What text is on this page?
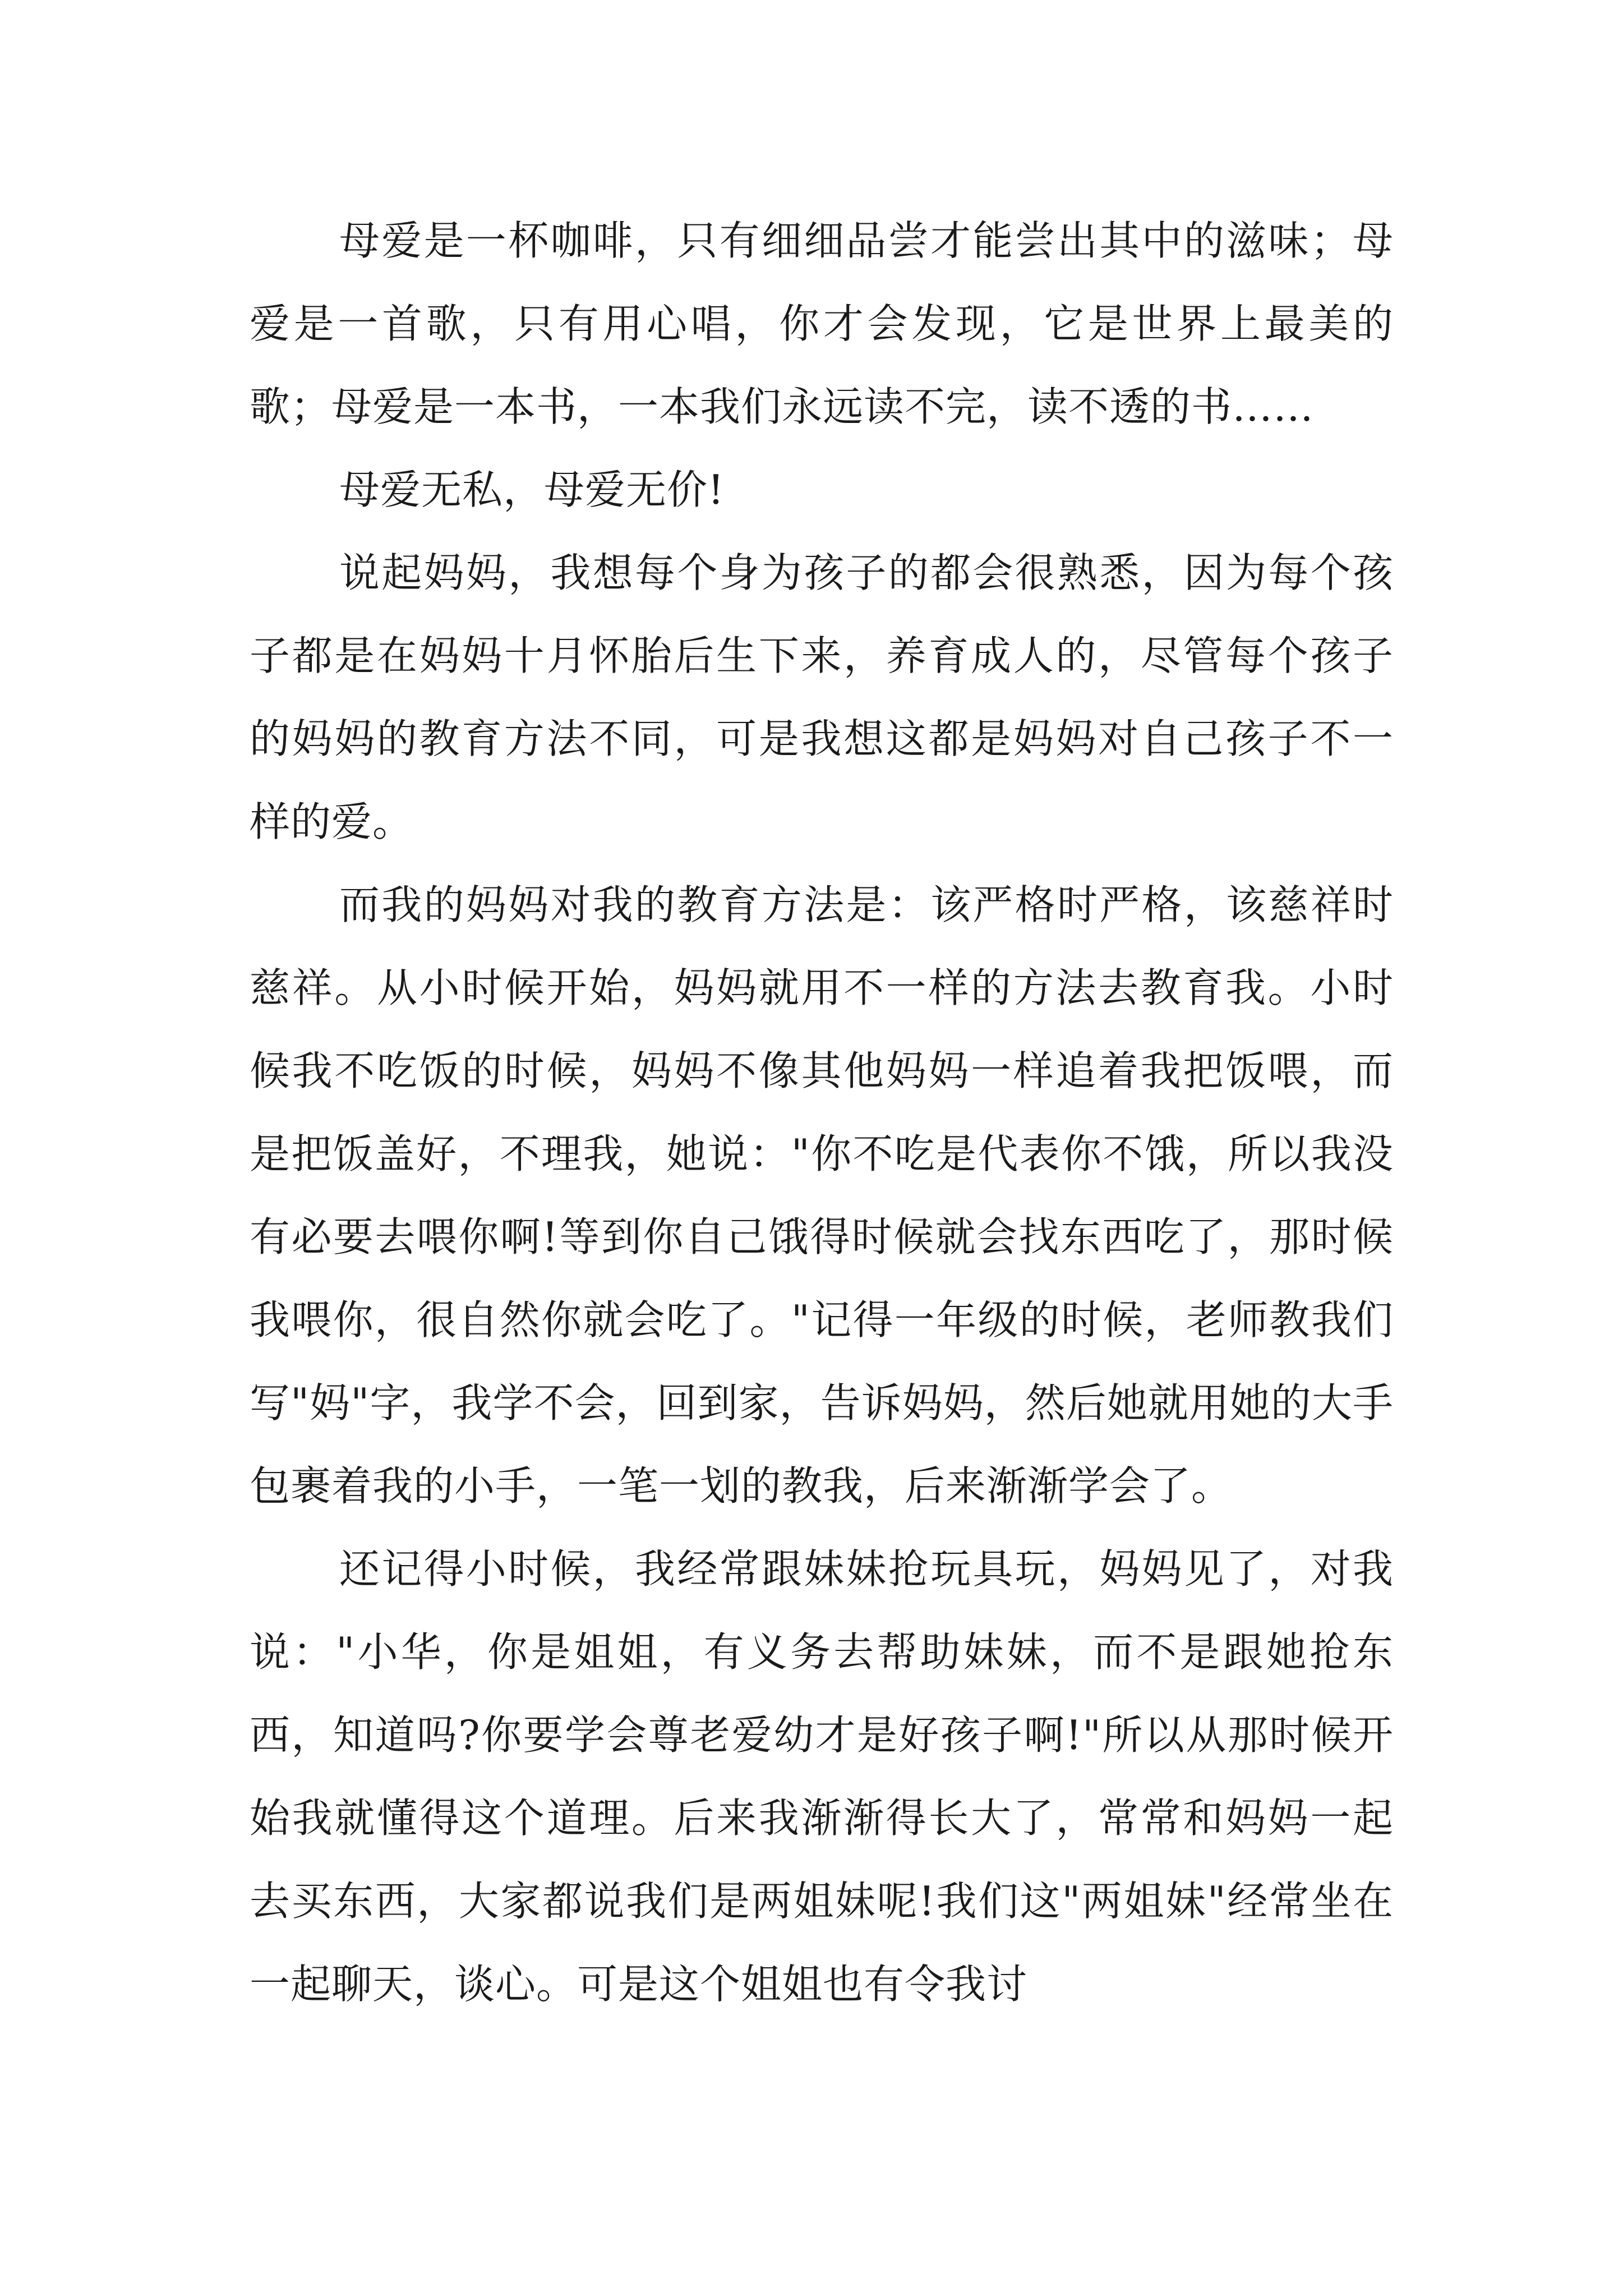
母爱是一杯咖啡，只有细细品尝才能尝出其中的滋味；母爱是一首歌，只有用心唱，你才会发现，它是世界上最美的歌；母爱是一本书，一本我们永远读不完，读不透的书……

母爱无私，母爱无价!

说起妈妈，我想每个身为孩子的都会很熟悉，因为每个孩子都是在妈妈十月怀胎后生下来，养育成人的，尽管每个孩子的妈妈的教育方法不同，可是我想这都是妈妈对自己孩子不一样的爱。

而我的妈妈对我的教育方法是：该严格时严格，该慈祥时慈祥。从小时候开始，妈妈就用不一样的方法去教育我。小时候我不吃饭的时候，妈妈不像其他妈妈一样追着我把饭喂，而是把饭盖好，不理我，她说："你不吃是代表你不饿，所以我没有必要去喂你啊!等到你自己饿得时候就会找东西吃了，那时候我喂你，很自然你就会吃了。"记得一年级的时候，老师教我们写"妈"字，我学不会，回到家，告诉妈妈，然后她就用她的大手包裹着我的小手，一笔一划的教我，后来渐渐学会了。

还记得小时候，我经常跟妹妹抢玩具玩，妈妈见了，对我说："小华，你是姐姐，有义务去帮助妹妹，而不是跟她抢东西，知道吗?你要学会尊老爱幼才是好孩子啊!"所以从那时候开始我就懂得这个道理。后来我渐渐得长大了，常常和妈妈一起去买东西，大家都说我们是两姐妹呢!我们这"两姐妹"经常坐在一起聊天，谈心。可是这个姐姐也有令我讨
